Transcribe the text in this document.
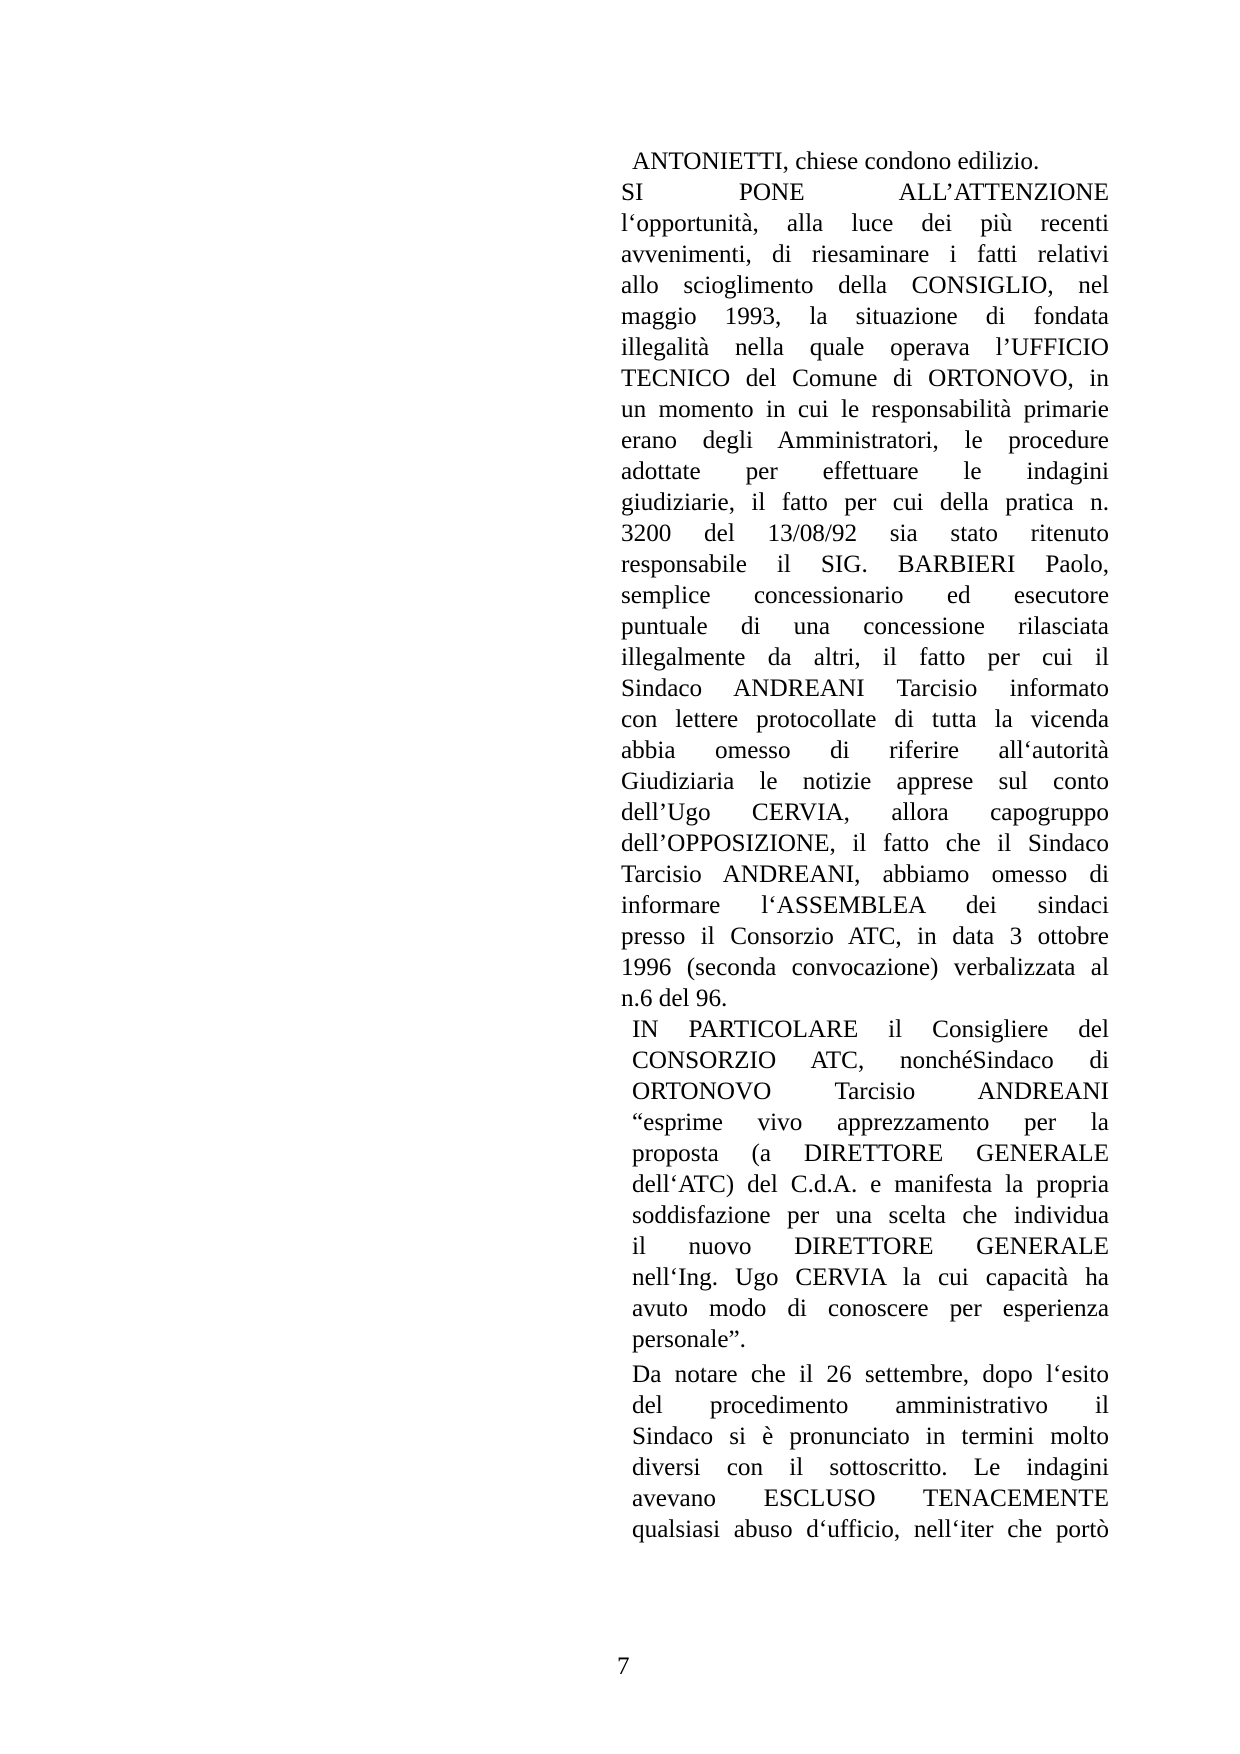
ANTONIETTI, chiese condono edilizio.
SI PONE ALL’ATTENZIONE
l‘opportunità, alla luce dei più recenti
avvenimenti, di riesaminare i fatti relativi
allo scioglimento della CONSIGLIO, nel
maggio 1993, la situazione di fondata
illegalità nella quale operava l’UFFICIO
TECNICO del Comune di ORTONOVO, in
un momento in cui le responsabilità primarie
erano degli Amministratori, le procedure
adottate per effettuare le indagini
giudiziarie, il fatto per cui della pratica n.
3200 del 13/08/92 sia stato ritenuto
responsabile il SIG. BARBIERI Paolo,
semplice concessionario ed esecutore
puntuale di una concessione rilasciata
illegalmente da altri, il fatto per cui il
Sindaco ANDREANI Tarcisio informato
con lettere protocollate di tutta la vicenda
abbia omesso di riferire all‘autorità
Giudiziaria le notizie apprese sul conto
dell’Ugo CERVIA, allora capogruppo
dell’OPPOSIZIONE, il fatto che il Sindaco
Tarcisio ANDREANI, abbiamo omesso di
informare l‘ASSEMBLEA dei sindaci
presso il Consorzio ATC, in data 3 ottobre
1996 (seconda convocazione) verbalizzata al
n.6 del 96.
IN PARTICOLARE il Consigliere del
CONSORZIO ATC, nonchéSindaco di
ORTONOVO Tarcisio ANDREANI
“esprime vivo apprezzamento per la
proposta (a DIRETTORE GENERALE
dell‘ATC) del C.d.A. e manifesta la propria
soddisfazione per una scelta che individua
il nuovo DIRETTORE GENERALE
nell‘Ing. Ugo CERVIA la cui capacità ha
avuto modo di conoscere per esperienza
personale”.
Da notare che il 26 settembre, dopo l‘esito
del procedimento amministrativo il
Sindaco si è pronunciato in termini molto
diversi con il sottoscritto. Le indagini
avevano ESCLUSO TENACEMENTE
qualsiasi abuso d‘ufficio, nell‘iter che portò
7
